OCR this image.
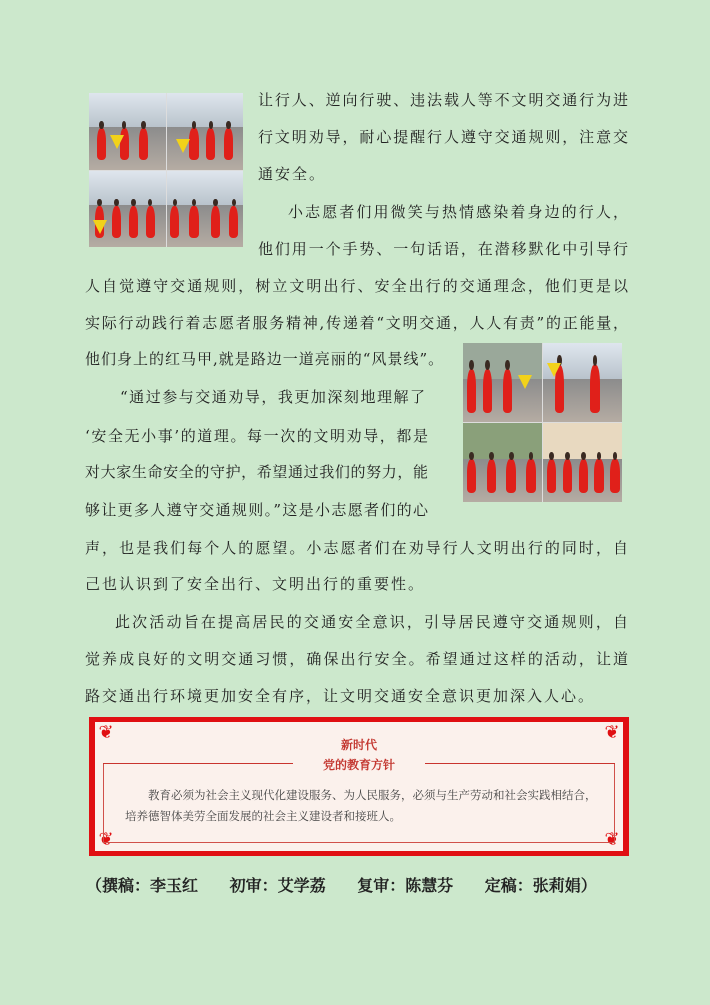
让行人、逆向行驶、违法载人等不文明交通行为进
行文明劝导，耐心提醒行人遵守交通规则，注意交
通安全。
小志愿者们用微笑与热情感染着身边的行人，
他们用一个手势、一句话语，在潜移默化中引导行
人自觉遵守交通规则，树立文明出行、安全出行的交通理念，他们更是以
实际行动践行着志愿者服务精神,传递着“文明交通，人人有责”的正能量，
他们身上的红马甲,就是路边一道亮丽的“风景线”。
“通过参与交通劝导，我更加深刻地理解了
‘安全无小事’的道理。每一次的文明劝导，都是
对大家生命安全的守护，希望通过我们的努力，能
够让更多人遵守交通规则。”这是小志愿者们的心
声，也是我们每个人的愿望。小志愿者们在劝导行人文明出行的同时，自
己也认识到了安全出行、文明出行的重要性。
此次活动旨在提高居民的交通安全意识，引导居民遵守交通规则，自
觉养成良好的文明交通习惯，确保出行安全。希望通过这样的活动，让道
路交通出行环境更加安全有序，让文明交通安全意识更加深入人心。
❦	❦
❦	❦
新时代
党的教育方针
教育必须为社会主义现代化建设服务、为人民服务，必须与生产劳动和社会实践相结合，培养德智体美劳全面发展的社会主义建设者和接班人。
（撰稿：李玉红 初审：艾学荔 复审：陈慧芬 定稿：张莉娟）
